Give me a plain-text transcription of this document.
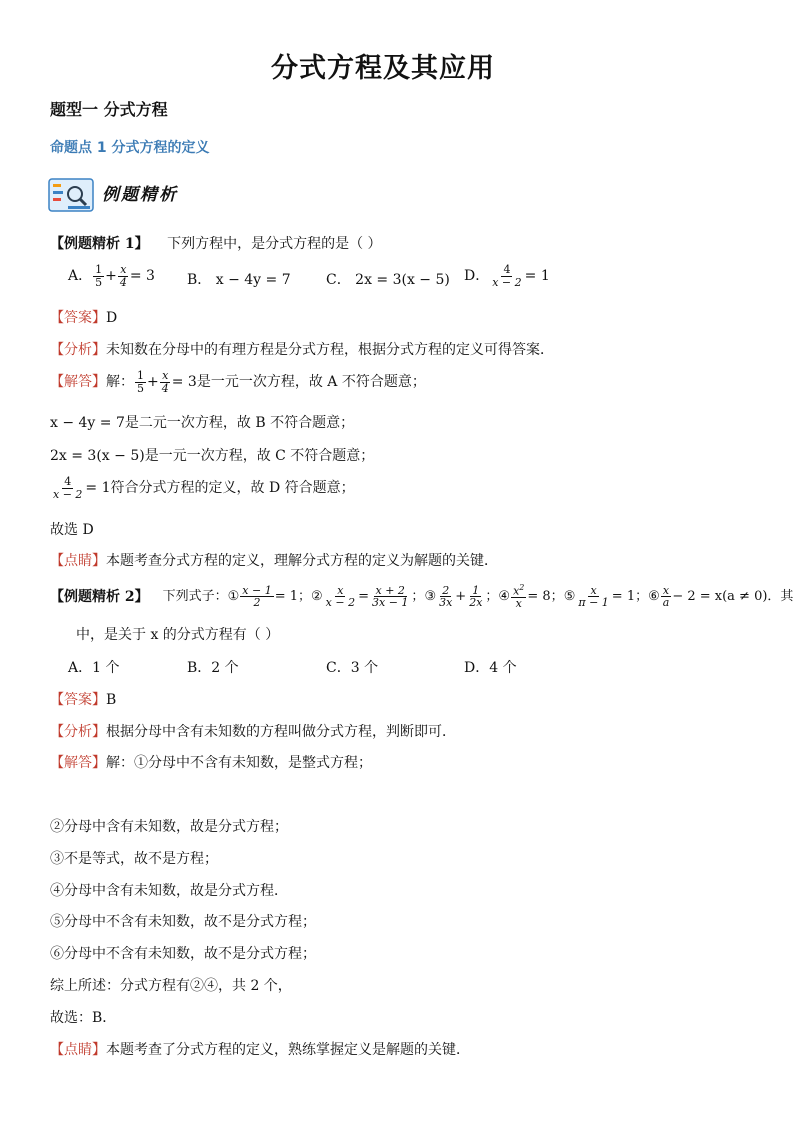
分式方程及其应用
题型一 分式方程
命题点 1 分式方程的定义
例题精析
【例题精析 1】 下列方程中，是分式方程的是（ ）
A． $\frac{1}{5} + \frac{x}{4} = 3$ B． x − 4y = 7	C． 2x = 3(x − 5) D． $\frac{4}{x - 2} = 1$
【答案】D
【分析】未知数在分母中的有理方程是分式方程，根据分式方程的定义可得答案．
【解答】 解： $\frac{1}{5} + \frac{x}{4} = 3$是一元一次方程，故 A 不符合题意；
x − 4y = 7是二元一次方程，故 B 不符合题意；
2x = 3(x − 5)是一元一次方程，故 C 不符合题意；
$\frac{4}{x - 2} = 1$符合分式方程的定义，故 D 符合题意；
故选 D
【点睛】本题考查分式方程的定义，理解分式方程的定义为解题的关键．
【例题精析 2】 下列式子： ① $\frac{x - 1}{2} = 1$； ② $\frac{x}{x - 2} = \frac{x + 2}{3x - 1}$ ； ③ $\frac{2}{3x} + \frac{1}{2x}$ ； ④ $\frac{x^2}{x} = 8$； ⑤ $\frac{x}{\pi - 1} = 1$； ⑥ $\frac{x}{a} - 2 = x(a \ne 0)$ ．其
中，是关于 x 的分式方程有（ ）
A．1 个	B．2 个	C．3 个	D．4 个
【答案】B
【分析】根据分母中含有未知数的方程叫做分式方程，判断即可．
【解答】解：①分母中不含有未知数，是整式方程；
②分母中含有未知数，故是分式方程；
③不是等式，故不是方程；
④分母中含有未知数，故是分式方程．
⑤分母中不含有未知数，故不是分式方程；
⑥分母中不含有未知数，故不是分式方程；
综上所述：分式方程有②④，共 2 个，
故选：B．
【点睛】本题考查了分式方程的定义，熟练掌握定义是解题的关键．
